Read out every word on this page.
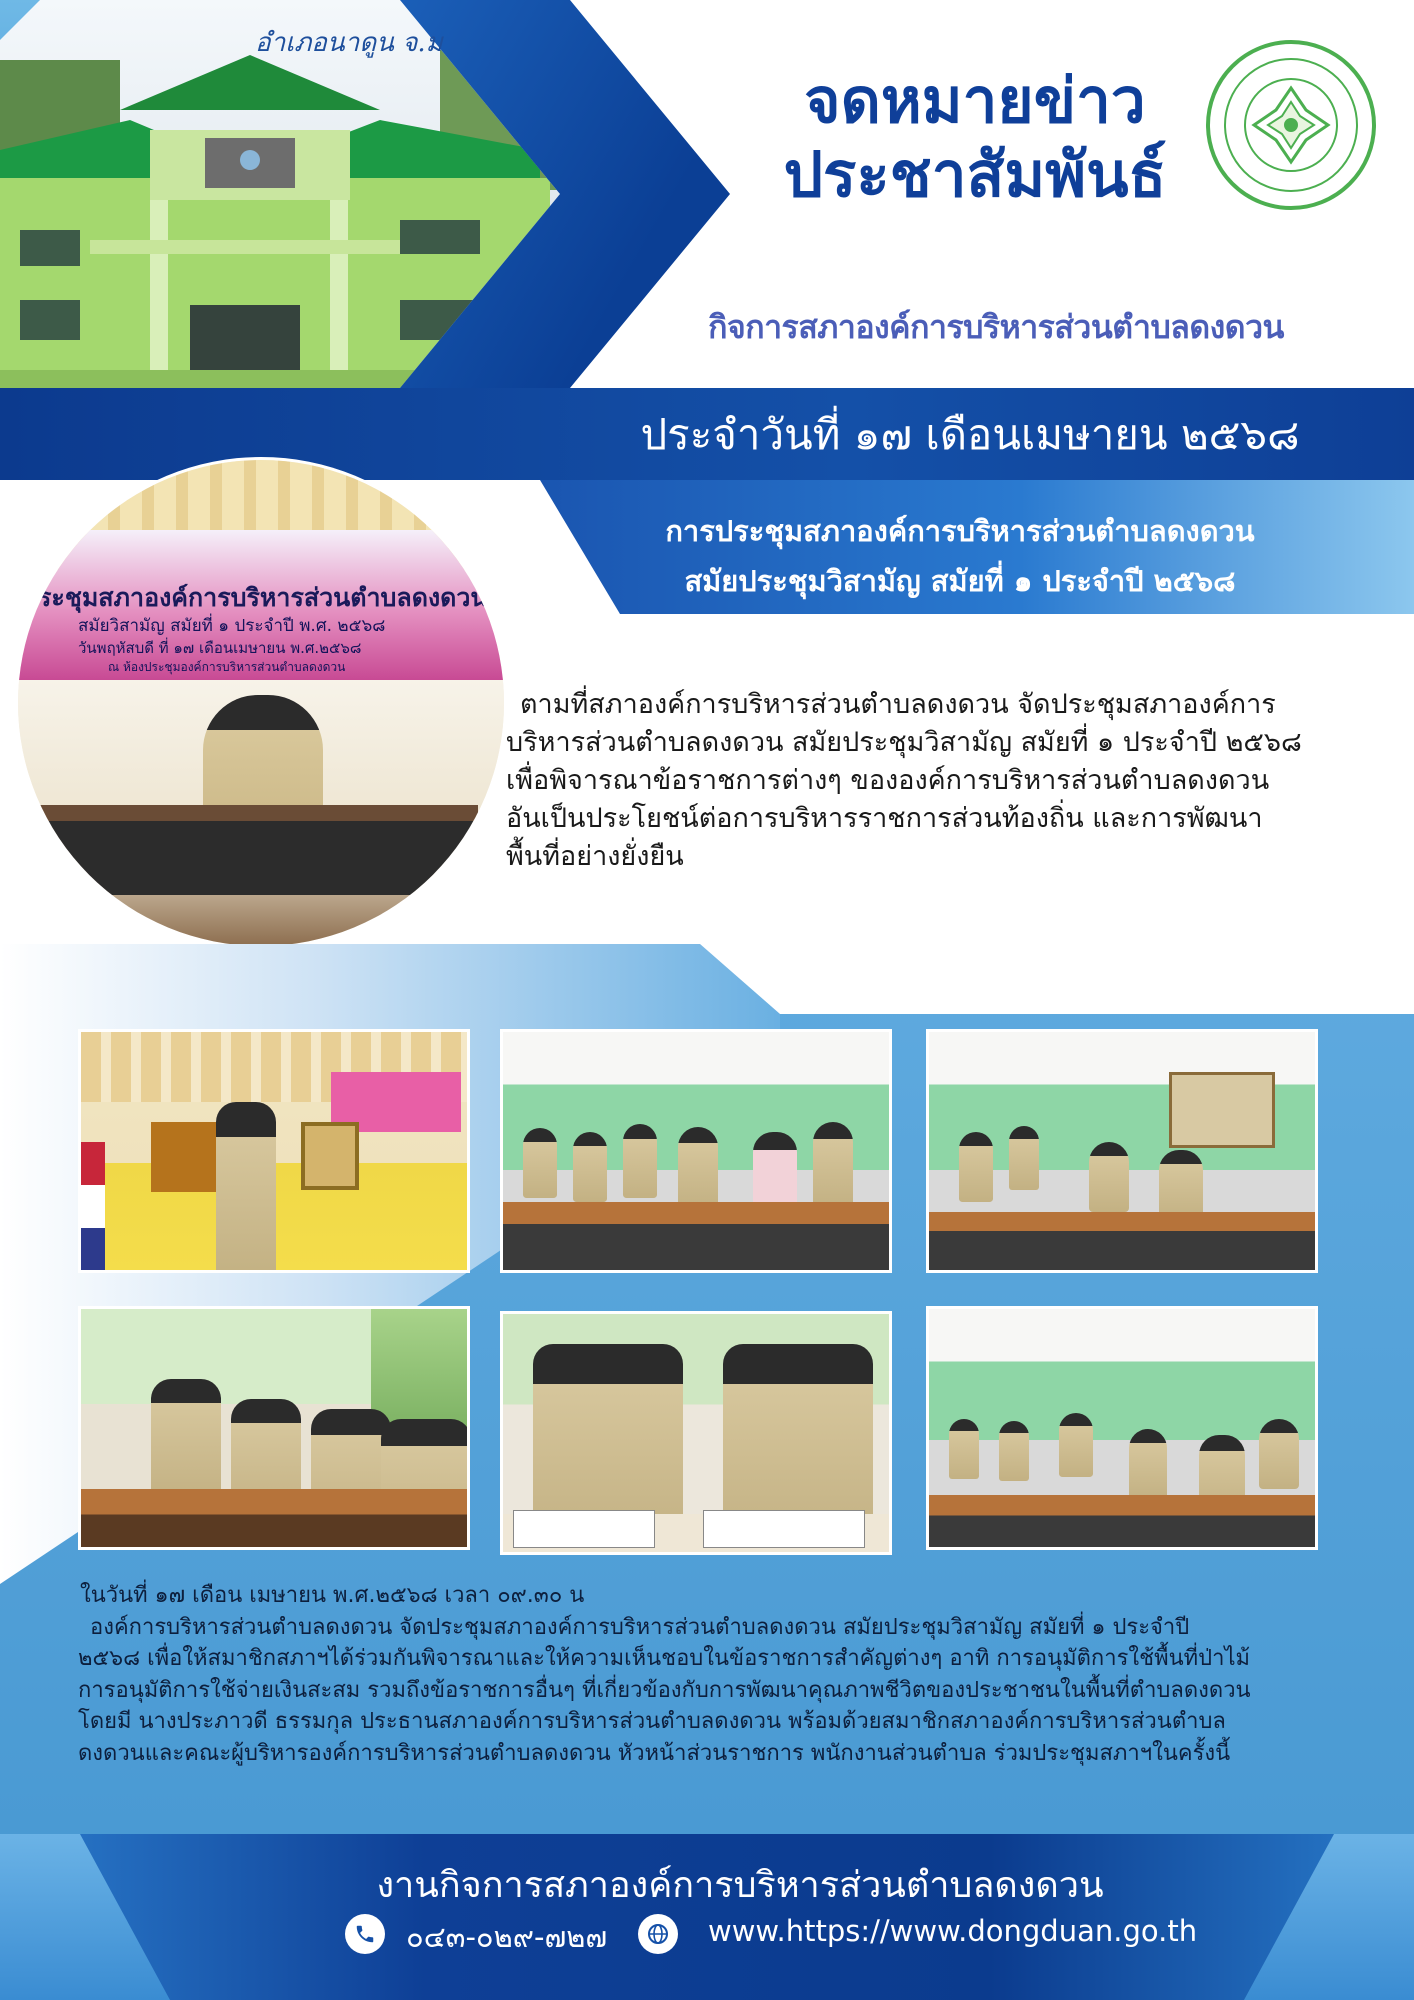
อำเภอนาดูน จ.ม
จดหมายข่าว
ประชาสัมพันธ์
กิจการสภาองค์การบริหารส่วนตำบลดงดวน
ประจำวันที่ ๑๗ เดือนเมษายน ๒๕๖๘
การประชุมสภาองค์การบริหารส่วนตำบลดงดวน
สมัยประชุมวิสามัญ สมัยที่ ๑ ประจำปี ๒๕๖๘
ระชุมสภาองค์การบริหารส่วนตำบลดงดวน
สมัยวิสามัญ สมัยที่ ๑ ประจำปี พ.ศ. ๒๕๖๘
วันพฤหัสบดี ที่ ๑๗ เดือนเมษายน พ.ศ.๒๕๖๘
ณ ห้องประชุมองค์การบริหารส่วนตำบลดงดวน

ตามที่สภาองค์การบริหารส่วนตำบลดงดวน จัดประชุมสภาองค์การ

บริหารส่วนตำบลดงดวน สมัยประชุมวิสามัญ สมัยที่ ๑ ประจำปี ๒๕๖๘

เพื่อพิจารณาข้อราชการต่างๆ ขององค์การบริหารส่วนตำบลดงดวน

อันเป็นประโยชน์ต่อการบริหารราชการส่วนท้องถิ่น และการพัฒนา

พื้นที่อย่างยั่งยืน

ในวันที่ ๑๗ เดือน เมษายน พ.ศ.๒๕๖๘ เวลา ๐๙.๓๐ น

องค์การบริหารส่วนตำบลดงดวน จัดประชุมสภาองค์การบริหารส่วนตำบลดงดวน สมัยประชุมวิสามัญ สมัยที่ ๑ ประจำปี

๒๕๖๘ เพื่อให้สมาชิกสภาฯได้ร่วมกันพิจารณาและให้ความเห็นชอบในข้อราชการสำคัญต่างๆ อาทิ การอนุมัติการใช้พื้นที่ป่าไม้

การอนุมัติการใช้จ่ายเงินสะสม รวมถึงข้อราชการอื่นๆ ที่เกี่ยวข้องกับการพัฒนาคุณภาพชีวิตของประชาชนในพื้นที่ตำบลดงดวน

โดยมี นางประภาวดี ธรรมกุล ประธานสภาองค์การบริหารส่วนตำบลดงดวน พร้อมด้วยสมาชิกสภาองค์การบริหารส่วนตำบล

ดงดวนและคณะผู้บริหารองค์การบริหารส่วนตำบลดงดวน หัวหน้าส่วนราชการ พนักงานส่วนตำบล ร่วมประชุมสภาฯในครั้งนี้

งานกิจการสภาองค์การบริหารส่วนตำบลดงดวน
๐๔๓-๐๒๙-๗๒๗	www.https://www.dongduan.go.th
